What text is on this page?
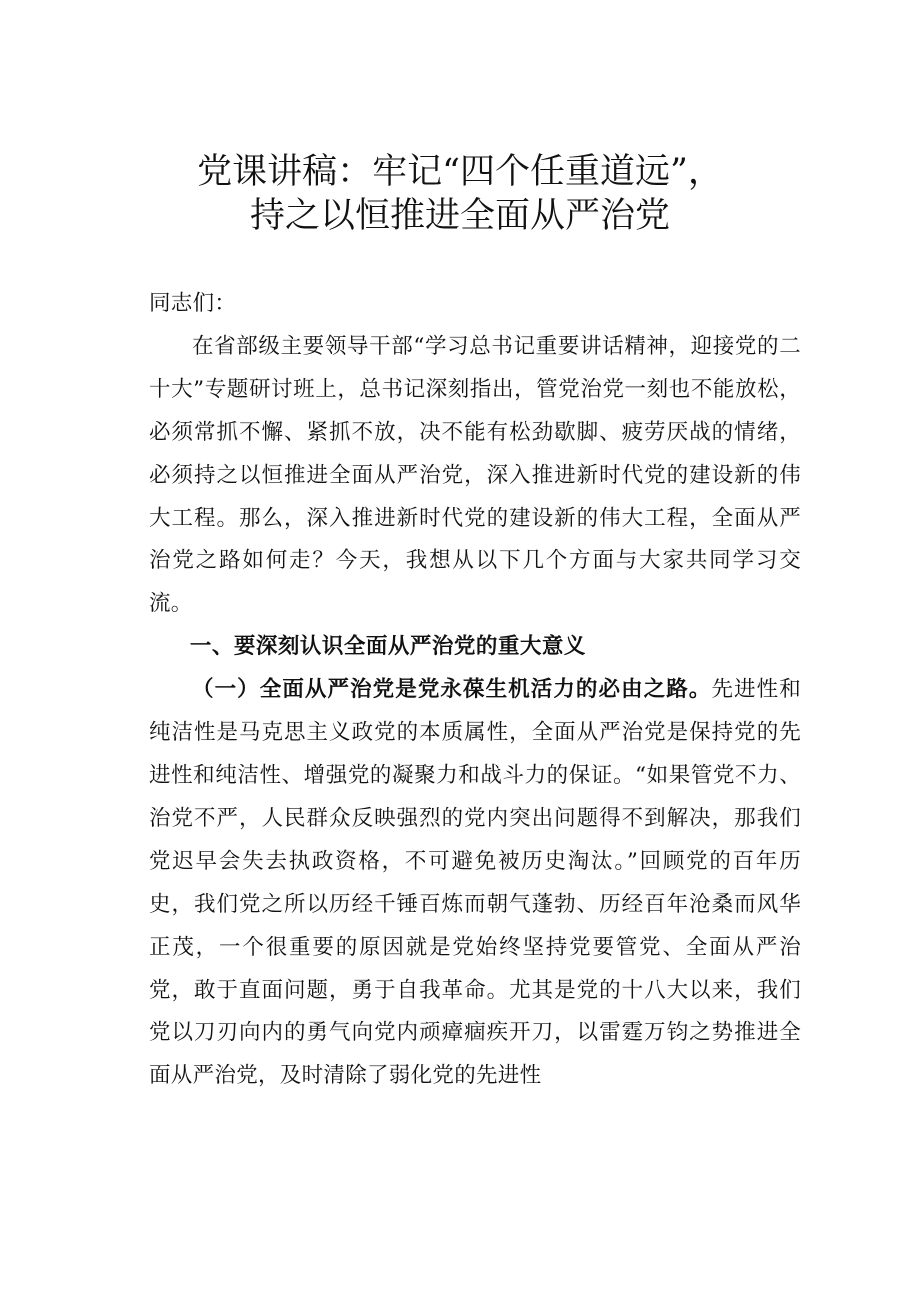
党课讲稿：牢记“四个任重道远”，
持之以恒推进全面从严治党

同志们：

在省部级主要领导干部“学习总书记重要讲话精神，迎接党的二十大”专题研讨班上，总书记深刻指出，管党治党一刻也不能放松，必须常抓不懈、紧抓不放，决不能有松劲歇脚、疲劳厌战的情绪，必须持之以恒推进全面从严治党，深入推进新时代党的建设新的伟大工程。那么，深入推进新时代党的建设新的伟大工程，全面从严治党之路如何走？今天，我想从以下几个方面与大家共同学习交流。

一、要深刻认识全面从严治党的重大意义

（一）全面从严治党是党永葆生机活力的必由之路。先进性和纯洁性是马克思主义政党的本质属性，全面从严治党是保持党的先进性和纯洁性、增强党的凝聚力和战斗力的保证。“如果管党不力、治党不严，人民群众反映强烈的党内突出问题得不到解决，那我们党迟早会失去执政资格，不可避免被历史淘汰。”回顾党的百年历史，我们党之所以历经千锤百炼而朝气蓬勃、历经百年沧桑而风华正茂，一个很重要的原因就是党始终坚持党要管党、全面从严治党，敢于直面问题，勇于自我革命。尤其是党的十八大以来，我们党以刀刃向内的勇气向党内顽瘴痼疾开刀，以雷霆万钧之势推进全面从严治党，及时清除了弱化党的先进性
